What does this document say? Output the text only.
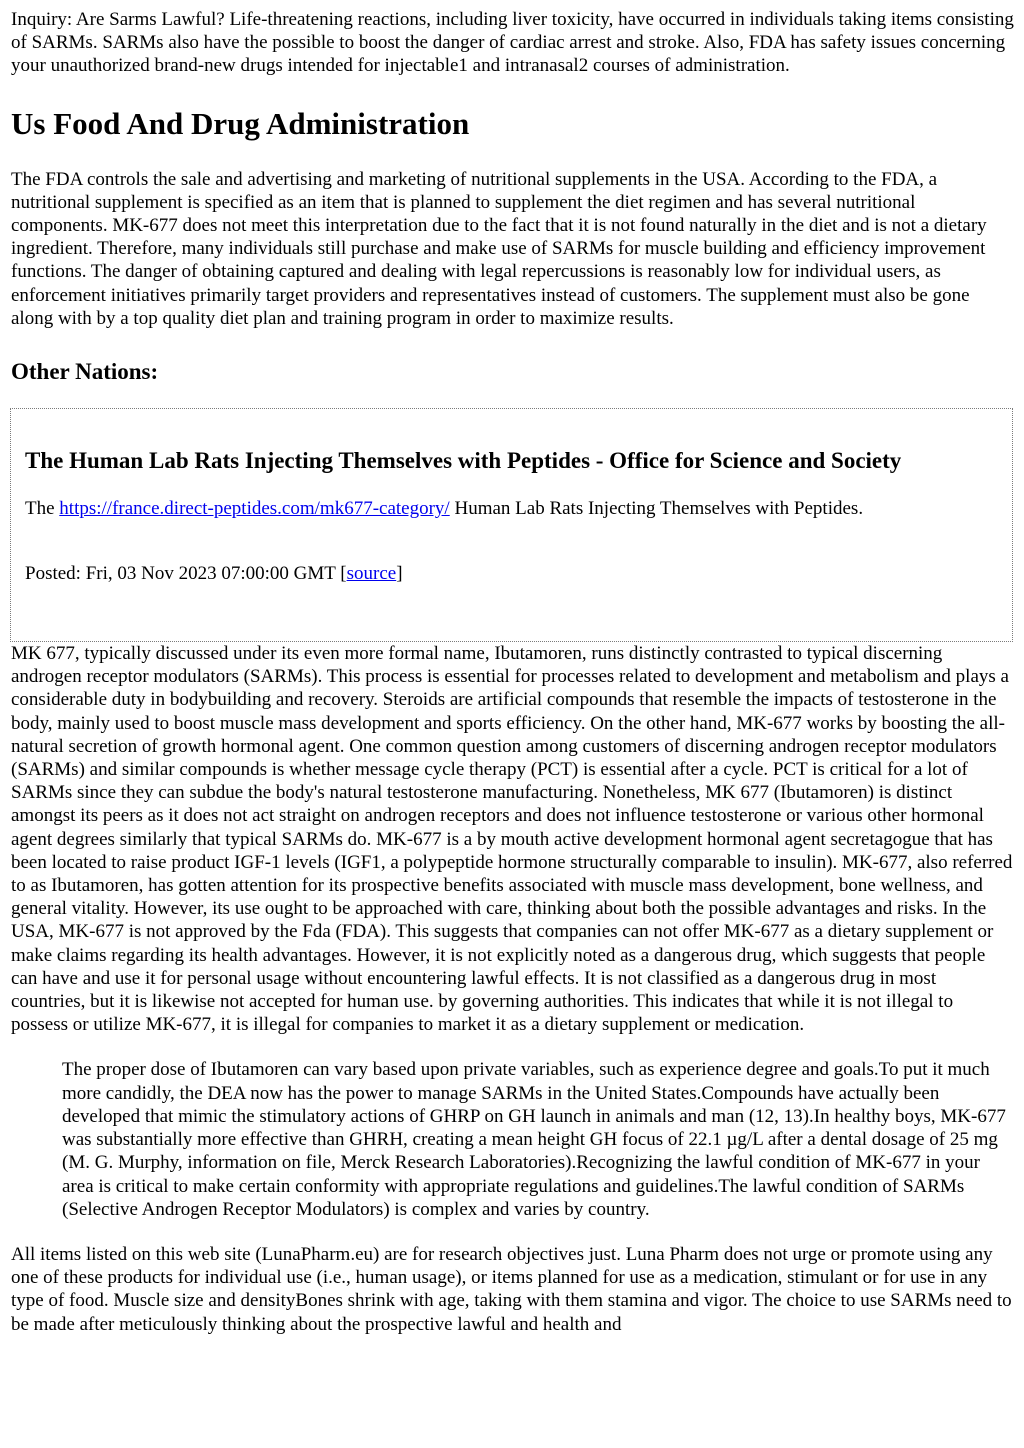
Inquiry: Are Sarms Lawful? Life-threatening reactions, including liver toxicity, have occurred in individuals taking items consisting of SARMs. SARMs also have the possible to boost the danger of cardiac arrest and stroke. Also, FDA has safety issues concerning your unauthorized brand-new drugs intended for injectable1 and intranasal2 courses of administration.

Us Food And Drug Administration

The FDA controls the sale and advertising and marketing of nutritional supplements in the USA. According to the FDA, a nutritional supplement is specified as an item that is planned to supplement the diet regimen and has several nutritional components. MK-677 does not meet this interpretation due to the fact that it is not found naturally in the diet and is not a dietary ingredient. Therefore, many individuals still purchase and make use of SARMs for muscle building and efficiency improvement functions. The danger of obtaining captured and dealing with legal repercussions is reasonably low for individual users, as enforcement initiatives primarily target providers and representatives instead of customers. The supplement must also be gone along with by a top quality diet plan and training program in order to maximize results.

Other Nations:
The Human Lab Rats Injecting Themselves with Peptides - Office for Science and Society

The https://france.direct-peptides.com/mk677-category/ Human Lab Rats Injecting Themselves with Peptides.

Posted: Fri, 03 Nov 2023 07:00:00 GMT [source]

MK 677, typically discussed under its even more formal name, Ibutamoren, runs distinctly contrasted to typical discerning androgen receptor modulators (SARMs). This process is essential for processes related to development and metabolism and plays a considerable duty in bodybuilding and recovery. Steroids are artificial compounds that resemble the impacts of testosterone in the body, mainly used to boost muscle mass development and sports efficiency. On the other hand, MK-677 works by boosting the all-natural secretion of growth hormonal agent. One common question among customers of discerning androgen receptor modulators (SARMs) and similar compounds is whether message cycle therapy (PCT) is essential after a cycle. PCT is critical for a lot of SARMs since they can subdue the body's natural testosterone manufacturing. Nonetheless, MK 677 (Ibutamoren) is distinct amongst its peers as it does not act straight on androgen receptors and does not influence testosterone or various other hormonal agent degrees similarly that typical SARMs do. MK-677 is a by mouth active development hormonal agent secretagogue that has been located to raise product IGF-1 levels (IGF1, a polypeptide hormone structurally comparable to insulin). MK-677, also referred to as Ibutamoren, has gotten attention for its prospective benefits associated with muscle mass development, bone wellness, and general vitality. However, its use ought to be approached with care, thinking about both the possible advantages and risks. In the USA, MK-677 is not approved by the Fda (FDA). This suggests that companies can not offer MK-677 as a dietary supplement or make claims regarding its health advantages. However, it is not explicitly noted as a dangerous drug, which suggests that people can have and use it for personal usage without encountering lawful effects. It is not classified as a dangerous drug in most countries, but it is likewise not accepted for human use. by governing authorities. This indicates that while it is not illegal to possess or utilize MK-677, it is illegal for companies to market it as a dietary supplement or medication.

The proper dose of Ibutamoren can vary based upon private variables, such as experience degree and goals.To put it much more candidly, the DEA now has the power to manage SARMs in the United States.Compounds have actually been developed that mimic the stimulatory actions of GHRP on GH launch in animals and man (12, 13).In healthy boys, MK-677 was substantially more effective than GHRH, creating a mean height GH focus of 22.1 µg/L after a dental dosage of 25 mg (M. G. Murphy, information on file, Merck Research Laboratories).Recognizing the lawful condition of MK-677 in your area is critical to make certain conformity with appropriate regulations and guidelines.The lawful condition of SARMs (Selective Androgen Receptor Modulators) is complex and varies by country.

All items listed on this web site (LunaPharm.eu) are for research objectives just. Luna Pharm does not urge or promote using any one of these products for individual use (i.e., human usage), or items planned for use as a medication, stimulant or for use in any type of food. Muscle size and densityBones shrink with age, taking with them stamina and vigor. The choice to use SARMs need to be made after meticulously thinking about the prospective lawful and health and
